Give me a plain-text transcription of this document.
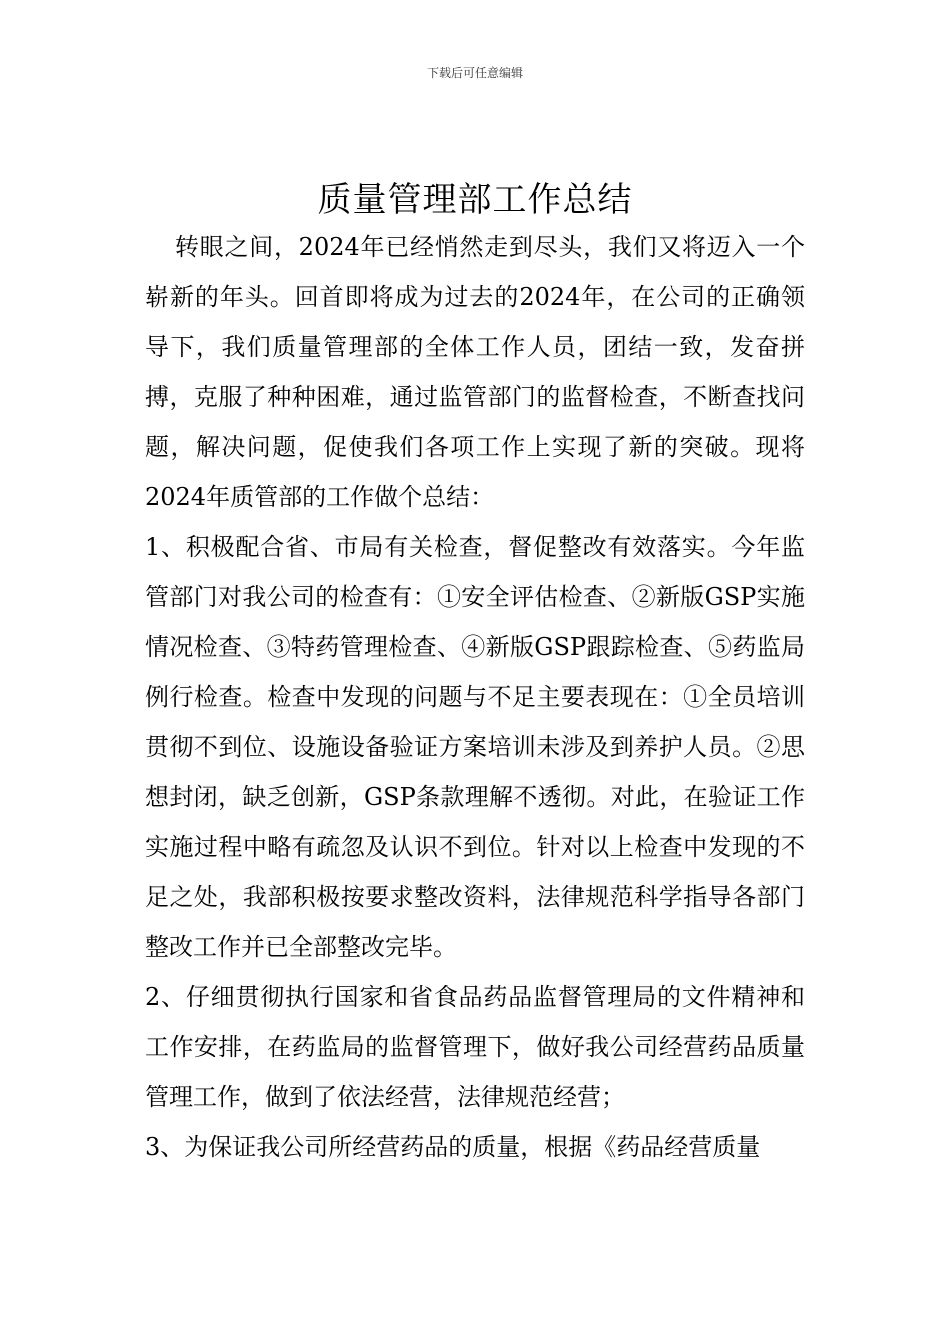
下载后可任意编辑
质量管理部工作总结

转眼之间，2024年已经悄然走到尽头，我们又将迈入一个崭新的年头。回首即将成为过去的2024年，在公司的正确领导下，我们质量管理部的全体工作人员，团结一致，发奋拼搏，克服了种种困难，通过监管部门的监督检查，不断查找问题，解决问题，促使我们各项工作上实现了新的突破。现将2024年质管部的工作做个总结：

1、积极配合省、市局有关检查，督促整改有效落实。今年监管部门对我公司的检查有：①安全评估检查、②新版GSP实施情况检查、③特药管理检查、④新版GSP跟踪检查、⑤药监局例行检查。检查中发现的问题与不足主要表现在：①全员培训贯彻不到位、设施设备验证方案培训未涉及到养护人员。②思想封闭，缺乏创新，GSP条款理解不透彻。对此，在验证工作实施过程中略有疏忽及认识不到位。针对以上检查中发现的不足之处，我部积极按要求整改资料，法律规范科学指导各部门整改工作并已全部整改完毕。

2、仔细贯彻执行国家和省食品药品监督管理局的文件精神和工作安排，在药监局的监督管理下，做好我公司经营药品质量管理工作，做到了依法经营，法律规范经营；

3、为保证我公司所经营药品的质量，根据《药品经营质量
